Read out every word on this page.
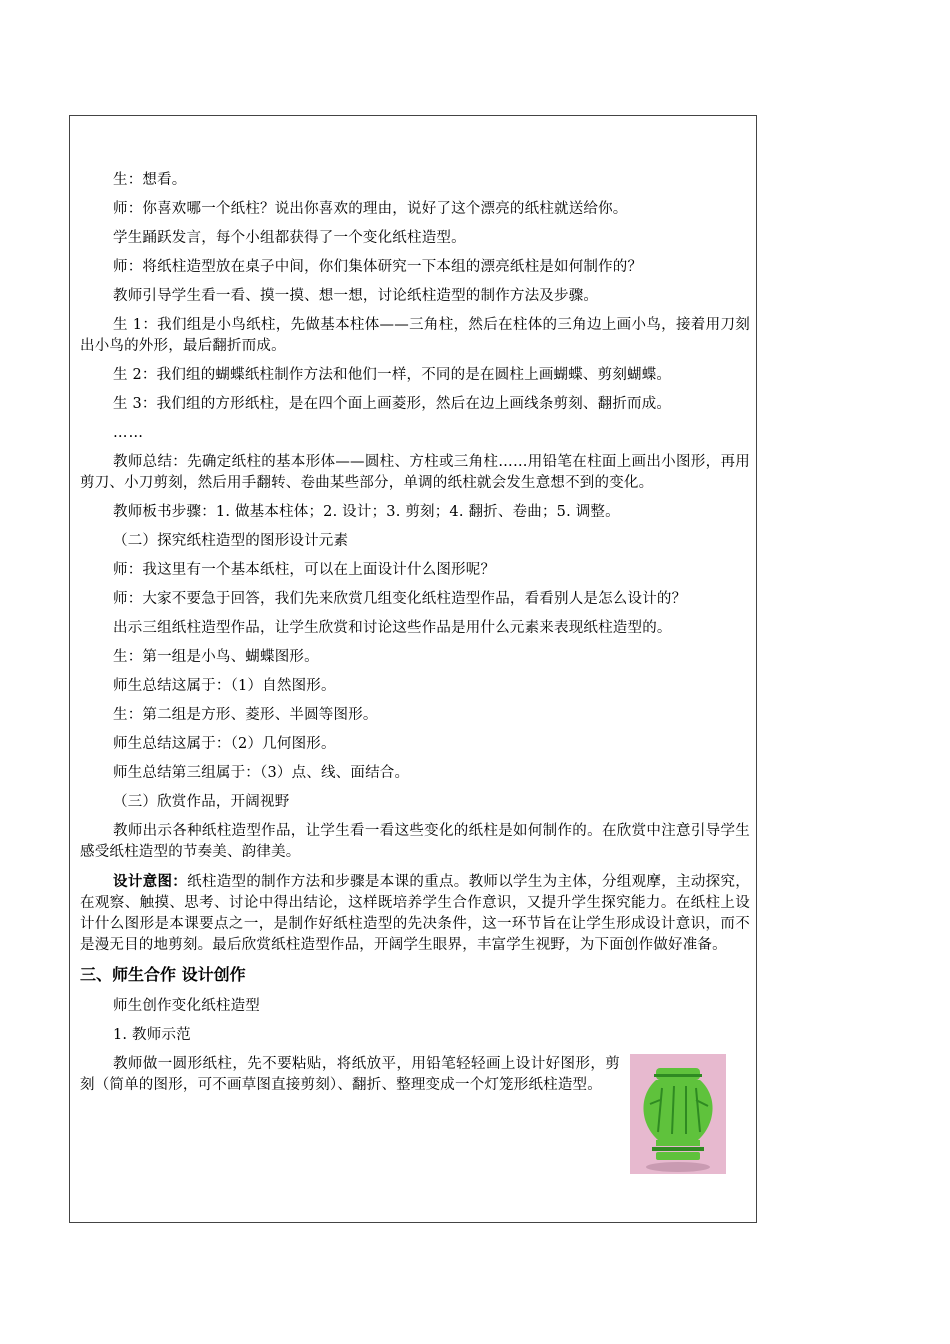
生：想看。

师：你喜欢哪一个纸柱？说出你喜欢的理由，说好了这个漂亮的纸柱就送给你。

学生踊跃发言，每个小组都获得了一个变化纸柱造型。

师：将纸柱造型放在桌子中间，你们集体研究一下本组的漂亮纸柱是如何制作的？

教师引导学生看一看、摸一摸、想一想，讨论纸柱造型的制作方法及步骤。

生 1：我们组是小鸟纸柱，先做基本柱体——三角柱，然后在柱体的三角边上画小鸟，接着用刀刻出小鸟的外形，最后翻折而成。

生 2：我们组的蝴蝶纸柱制作方法和他们一样，不同的是在圆柱上画蝴蝶、剪刻蝴蝶。

生 3：我们组的方形纸柱，是在四个面上画菱形，然后在边上画线条剪刻、翻折而成。

……

教师总结：先确定纸柱的基本形体——圆柱、方柱或三角柱……用铅笔在柱面上画出小图形，再用剪刀、小刀剪刻，然后用手翻转、卷曲某些部分，单调的纸柱就会发生意想不到的变化。

教师板书步骤：1. 做基本柱体；2. 设计；3. 剪刻；4. 翻折、卷曲；5. 调整。

（二）探究纸柱造型的图形设计元素

师：我这里有一个基本纸柱，可以在上面设计什么图形呢？

师：大家不要急于回答，我们先来欣赏几组变化纸柱造型作品，看看别人是怎么设计的？

出示三组纸柱造型作品，让学生欣赏和讨论这些作品是用什么元素来表现纸柱造型的。

生：第一组是小鸟、蝴蝶图形。

师生总结这属于：（1）自然图形。

生：第二组是方形、菱形、半圆等图形。

师生总结这属于：（2）几何图形。

师生总结第三组属于：（3）点、线、面结合。

（三）欣赏作品，开阔视野

教师出示各种纸柱造型作品，让学生看一看这些变化的纸柱是如何制作的。在欣赏中注意引导学生感受纸柱造型的节奏美、韵律美。

设计意图：纸柱造型的制作方法和步骤是本课的重点。教师以学生为主体，分组观摩，主动探究，在观察、触摸、思考、讨论中得出结论，这样既培养学生合作意识，又提升学生探究能力。在纸柱上设计什么图形是本课要点之一，是制作好纸柱造型的先决条件，这一环节旨在让学生形成设计意识，而不是漫无目的地剪刻。最后欣赏纸柱造型作品，开阔学生眼界，丰富学生视野，为下面创作做好准备。

三、师生合作 设计创作

师生创作变化纸柱造型

1. 教师示范

教师做一圆形纸柱，先不要粘贴，将纸放平，用铅笔轻轻画上设计好图形，剪刻（简单的图形，可不画草图直接剪刻）、翻折、整理变成一个灯笼形纸柱造型。
